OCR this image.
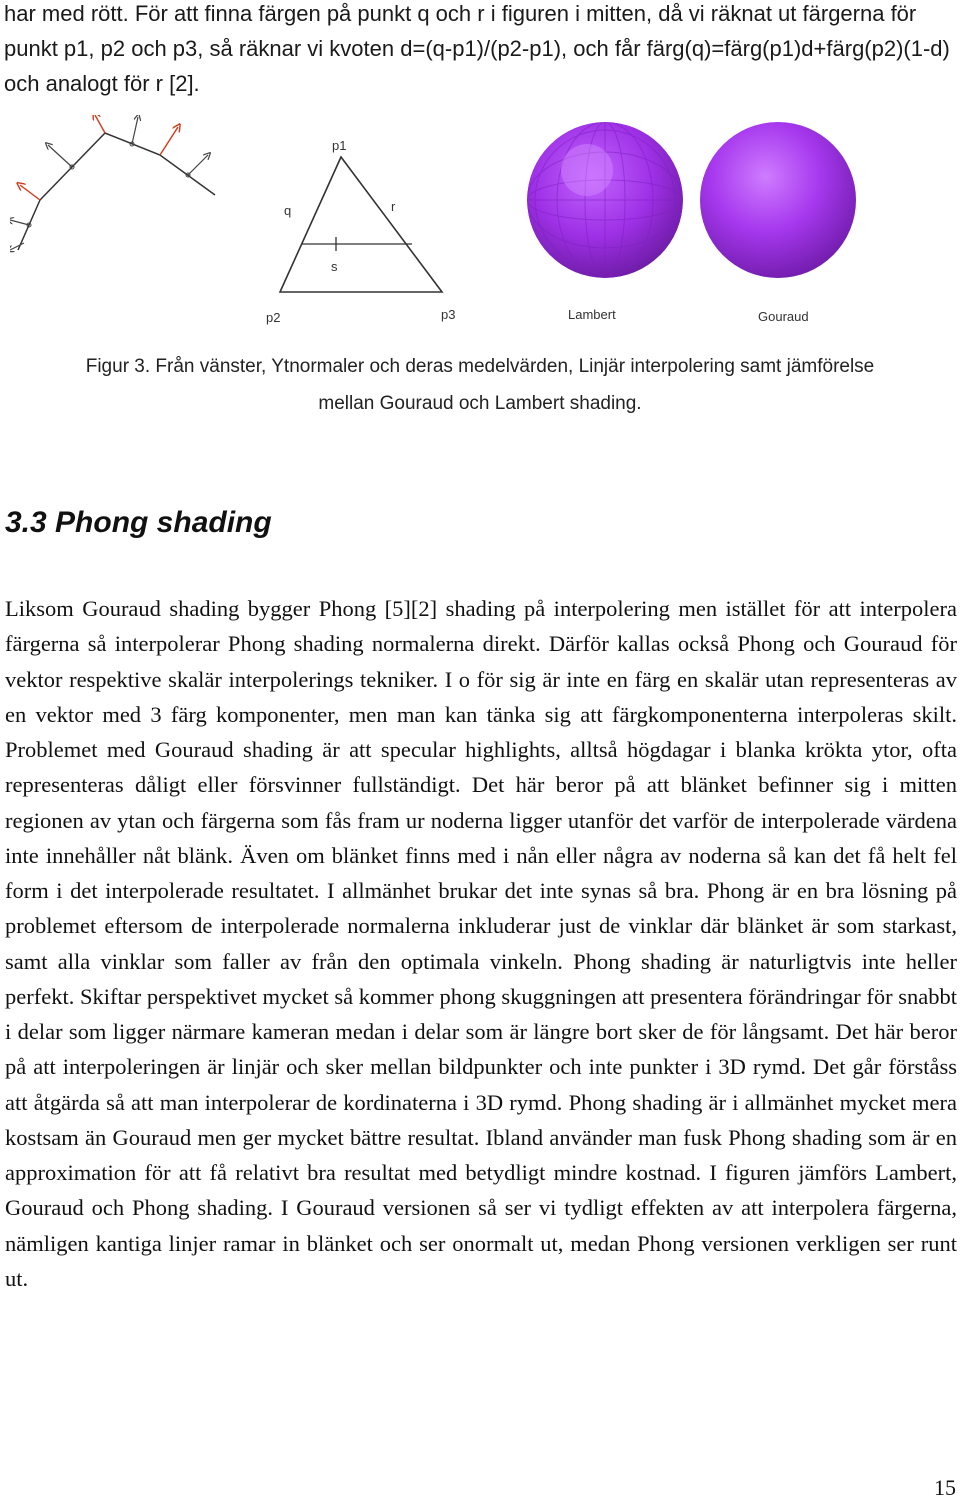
har med rött. För att finna färgen på punkt q och r i figuren i mitten, då vi räknat ut färgerna för punkt p1, p2 och p3, så räknar vi kvoten d=(q-p1)/(p2-p1), och får färg(q)=färg(p1)d+färg(p2)(1-d) och analogt för r [2].

p1
q	r
s
p2	p3	Lambert	Gouraud

Figur 3. Från vänster, Ytnormaler och deras medelvärden, Linjär interpolering samt jämförelse
mellan Gouraud och Lambert shading.

3.3 Phong shading

Liksom Gouraud shading bygger Phong [5][2] shading på interpolering men istället för att interpolera färgerna så interpolerar Phong shading normalerna direkt. Därför kallas också Phong och Gouraud för vektor respektive skalär interpolerings tekniker. I o för sig är inte en färg en skalär utan representeras av en vektor med 3 färg komponenter, men man kan tänka sig att färgkomponenterna interpoleras skilt. Problemet med Gouraud shading är att specular highlights, alltså högdagar i blanka krökta ytor, ofta representeras dåligt eller försvinner fullständigt. Det här beror på att blänket befinner sig i mitten regionen av ytan och färgerna som fås fram ur noderna ligger utanför det varför de interpolerade värdena inte innehåller nåt blänk. Även om blänket finns med i nån eller några av noderna så kan det få helt fel form i det interpolerade resultatet. I allmänhet brukar det inte synas så bra. Phong är en bra lösning på problemet eftersom de interpolerade normalerna inkluderar just de vinklar där blänket är som starkast, samt alla vinklar som faller av från den optimala vinkeln. Phong shading är naturligtvis inte heller perfekt. Skiftar perspektivet mycket så kommer phong skuggningen att presentera förändringar för snabbt i delar som ligger närmare kameran medan i delar som är längre bort sker de för långsamt. Det här beror på att interpoleringen är linjär och sker mellan bildpunkter och inte punkter i 3D rymd. Det går förståss att åtgärda så att man interpolerar de kordinaterna i 3D rymd. Phong shading är i allmänhet mycket mera kostsam än Gouraud men ger mycket bättre resultat. Ibland använder man fusk Phong shading som är en approximation för att få relativt bra resultat med betydligt mindre kostnad. I figuren jämförs Lambert, Gouraud och Phong shading. I Gouraud versionen så ser vi tydligt effekten av att interpolera färgerna, nämligen kantiga linjer ramar in blänket och ser onormalt ut, medan Phong versionen verkligen ser runt ut.

15
